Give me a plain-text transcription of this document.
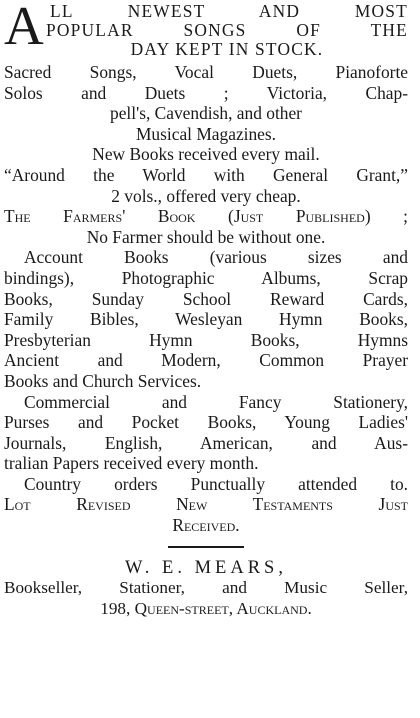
A LL NEWEST AND MOST
POPULAR SONGS OF THE
DAY KEPT IN STOCK.
Sacred Songs, Vocal Duets, Pianoforte
Solos and Duets ; Victoria, Chap-
pell's, Cavendish, and other
Musical Magazines.
New Books received every mail.
“Around the World with General Grant,”
2 vols., offered very cheap.
The Farmers' Book (Just Published) ;
No Farmer should be without one.
Account Books (various sizes and
bindings), Photographic Albums, Scrap
Books, Sunday School Reward Cards,
Family Bibles, Wesleyan Hymn Books,
Presbyterian Hymn Books, Hymns
Ancient and Modern, Common Prayer
Books and Church Services.
Commercial and Fancy Stationery,
Purses and Pocket Books, Young Ladies'
Journals, English, American, and Aus-
tralian Papers received every month.
Country orders Punctually attended to.
Lot Revised New Testaments Just
Received.
W. E. MEARS,
Bookseller, Stationer, and Music Seller,
198, Queen-street, Auckland.
